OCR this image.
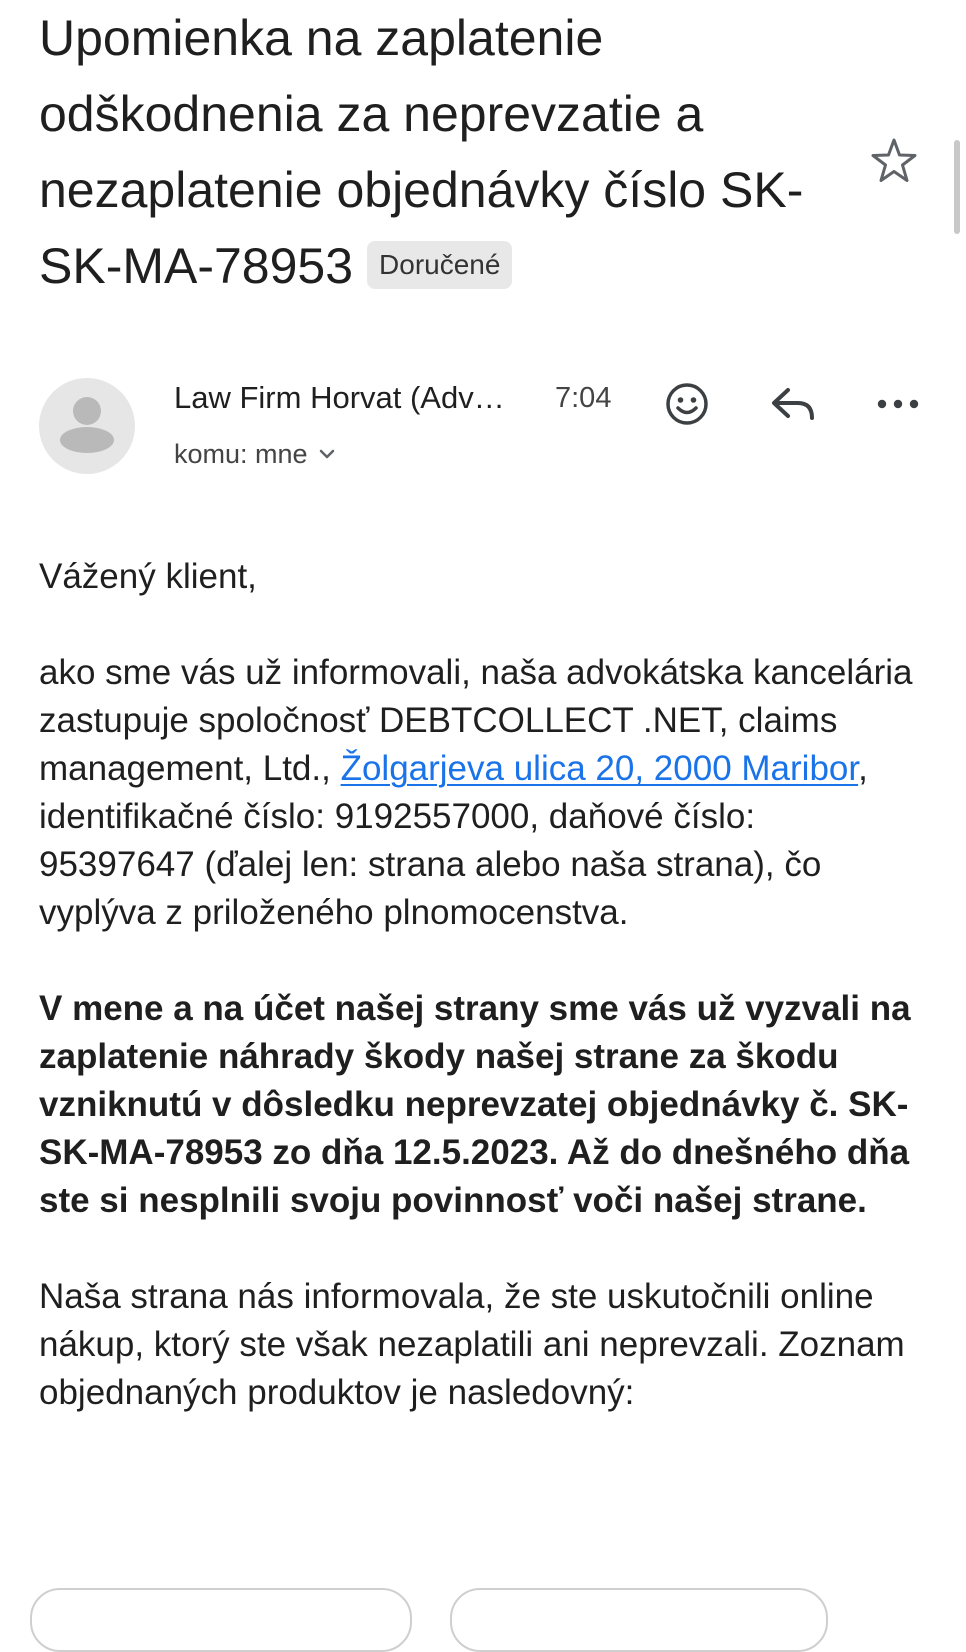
Upomienka na zaplatenie odškodnenia za neprevzatie a nezaplatenie objednávky číslo SK-SK-MA-78953 Doručené
Law Firm Horvat (Adv…	7:04
komu: mne

Vážený klient,

ako sme vás už informovali, naša advokátska kancelária zastupuje spoločnosť DEBTCOLLECT .NET, claims management, Ltd., Žolgarjeva ulica 20, 2000 Maribor, identifikačné číslo: 9192557000, daňové číslo: 95397647 (ďalej len: strana alebo naša strana), čo vyplýva z priloženého plnomocenstva.

V mene a na účet našej strany sme vás už vyzvali na zaplatenie náhrady škody našej strane za škodu vzniknutú v dôsledku neprevzatej objednávky č. SK-SK-MA-78953 zo dňa 12.5.2023. Až do dnešného dňa ste si nesplnili svoju povinnosť voči našej strane.

Naša strana nás informovala, že ste uskutočnili online nákup, ktorý ste však nezaplatili ani neprevzali. Zoznam objednaných produktov je nasledovný:
